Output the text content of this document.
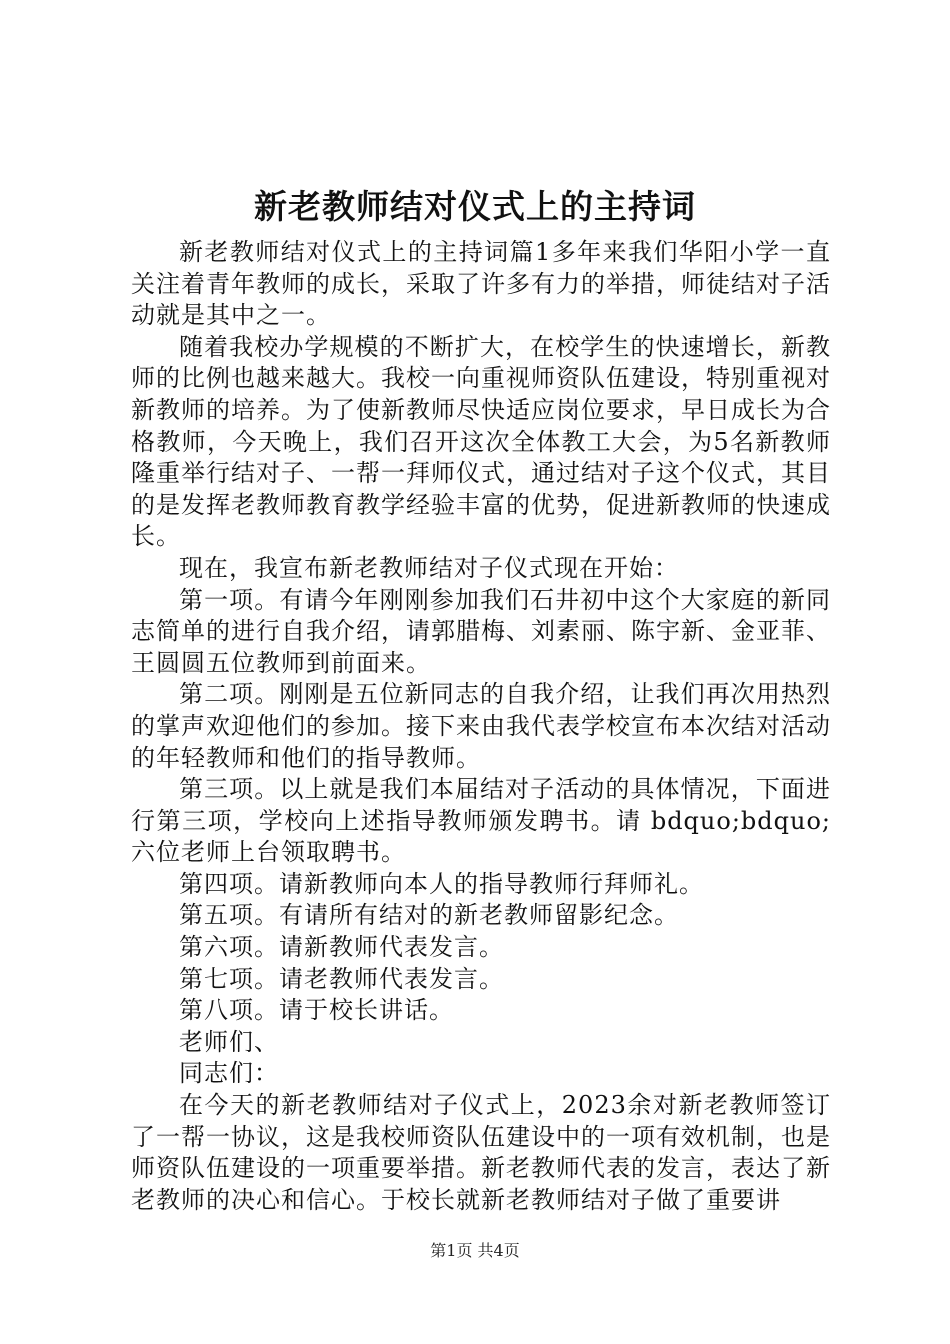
新老教师结对仪式上的主持词

新老教师结对仪式上的主持词篇1多年来我们华阳小学一直关注着青年教师的成长，采取了许多有力的举措，师徒结对子活动就是其中之一。

随着我校办学规模的不断扩大，在校学生的快速增长，新教师的比例也越来越大。我校一向重视师资队伍建设，特别重视对新教师的培养。为了使新教师尽快适应岗位要求，早日成长为合格教师，今天晚上，我们召开这次全体教工大会，为5名新教师隆重举行结对子、一帮一拜师仪式，通过结对子这个仪式，其目的是发挥老教师教育教学经验丰富的优势，促进新教师的快速成长。

现在，我宣布新老教师结对子仪式现在开始：

第一项。有请今年刚刚参加我们石井初中这个大家庭的新同志简单的进行自我介绍，请郭腊梅、刘素丽、陈宇新、金亚菲、王圆圆五位教师到前面来。

第二项。刚刚是五位新同志的自我介绍，让我们再次用热烈的掌声欢迎他们的参加。接下来由我代表学校宣布本次结对活动的年轻教师和他们的指导教师。

第三项。以上就是我们本届结对子活动的具体情况，下面进行第三项，学校向上述指导教师颁发聘书。请 bdquo;bdquo;六位老师上台领取聘书。

第四项。请新教师向本人的指导教师行拜师礼。

第五项。有请所有结对的新老教师留影纪念。

第六项。请新教师代表发言。

第七项。请老教师代表发言。

第八项。请于校长讲话。

老师们、

同志们：

在今天的新老教师结对子仪式上，2023余对新老教师签订了一帮一协议，这是我校师资队伍建设中的一项有效机制，也是师资队伍建设的一项重要举措。新老教师代表的发言，表达了新老教师的决心和信心。于校长就新老教师结对子做了重要讲

第1页 共4页
